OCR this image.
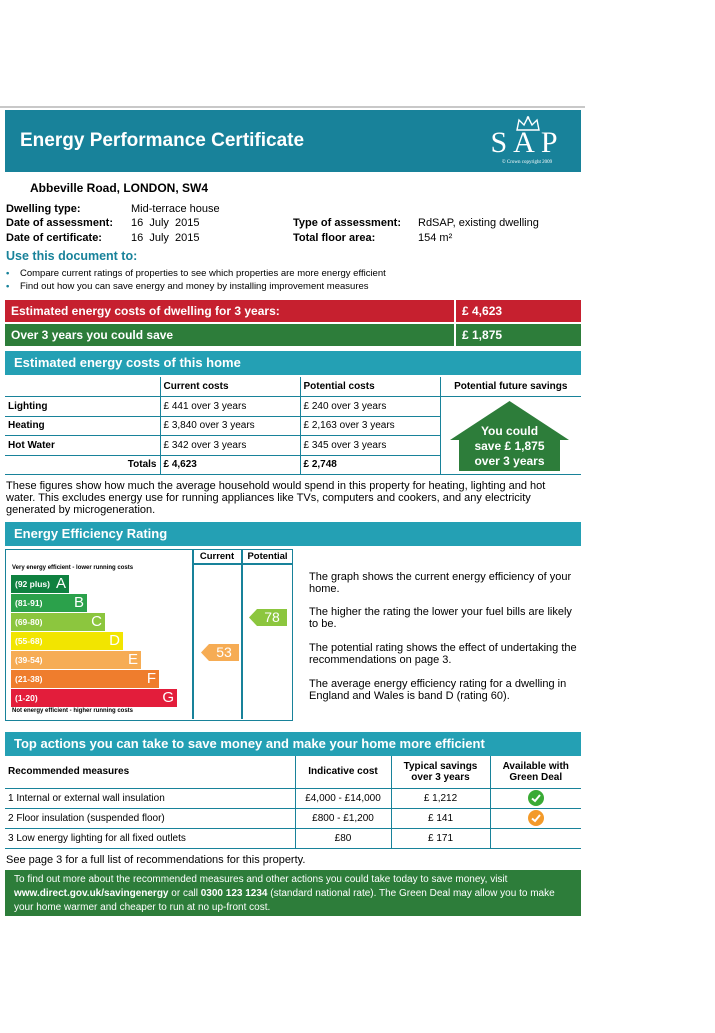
Energy Performance Certificate	SAP
© Crown copyright 2009
Abbeville Road, LONDON, SW4
Dwelling type:	Mid-terrace house
Date of assessment: 16  July  2015
Date of certificate:	16  July  2015
Type of assessment: RdSAP, existing dwelling
Total floor area:	154 m²
Use this document to:
• Compare current ratings of properties to see which properties are more energy efficient
• Find out how you can save energy and money by installing improvement measures
Estimated energy costs of dwelling for 3 years:	£ 4,623
Over 3 years you could save	£ 1,875
Estimated energy costs of this home
	Current costs	Potential costs	Potential future savings
Lighting	£ 441 over 3 years	£ 240 over 3 years	
Heating	£ 3,840 over 3 years	£ 2,163 over 3 years	
Hot Water	£ 342 over 3 years	£ 345 over 3 years	
Totals	£ 4,623	£ 2,748	
You could
save £ 1,875
over 3 years
These figures show how much the average household would spend in this property for heating, lighting and hot water. This excludes energy use for running appliances like TVs, computers and cookers, and any electricity generated by microgeneration.
Energy Efficiency Rating
Current	Potential
Very energy efficient - lower running costs
Not energy efficient - higher running costs
(92 plus) A
(81-91) B
(69-80)	C
(55-68)	D
(39-54)	E
(21-38)	F
(1-20)	G
53
78
The graph shows the current energy efficiency of your home.
The higher the rating the lower your fuel bills are likely to be.
The potential rating shows the effect of undertaking the recommendations on page 3.
The average energy efficiency rating for a dwelling in England and Wales is band D (rating 60).
Top actions you can take to save money and make your home more efficient
Recommended measures	Indicative cost	Typical savings over 3 years	Available with Green Deal
1 Internal or external wall insulation	£4,000 - £14,000	£ 1,212	
2 Floor insulation (suspended floor)	£800 - £1,200	£ 141	
3 Low energy lighting for all fixed outlets	£80	£ 171	
See page 3 for a full list of recommendations for this property.
To find out more about the recommended measures and other actions you could take today to save money, visit www.direct.gov.uk/savingenergy or call 0300 123 1234 (standard national rate). The Green Deal may allow you to make your home warmer and cheaper to run at no up-front cost.
